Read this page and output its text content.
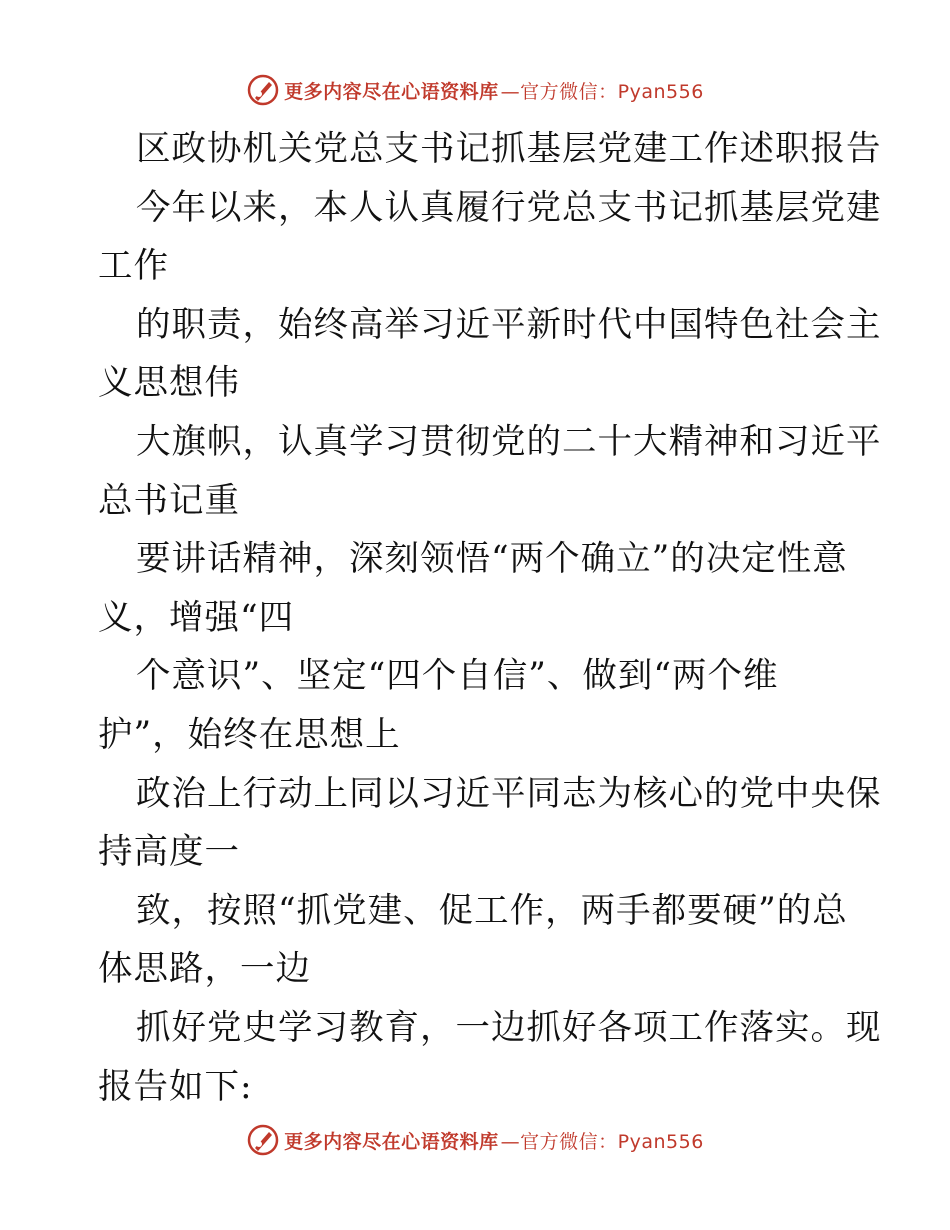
更多内容尽在心语资料库 —官方微信：Pyan556
区政协机关党总支书记抓基层党建工作述职报告
今年以来，本人认真履行党总支书记抓基层党建
工作
的职责，始终高举习近平新时代中国特色社会主
义思想伟
大旗帜，认真学习贯彻党的二十大精神和习近平
总书记重
要讲话精神，深刻领悟“两个确立”的决定性意
义，增强“四
个意识”、坚定“四个自信”、做到“两个维
护”，始终在思想上
政治上行动上同以习近平同志为核心的党中央保
持高度一
致，按照“抓党建、促工作，两手都要硬”的总
体思路，一边
抓好党史学习教育，一边抓好各项工作落实。现
报告如下:
更多内容尽在心语资料库 —官方微信：Pyan556
